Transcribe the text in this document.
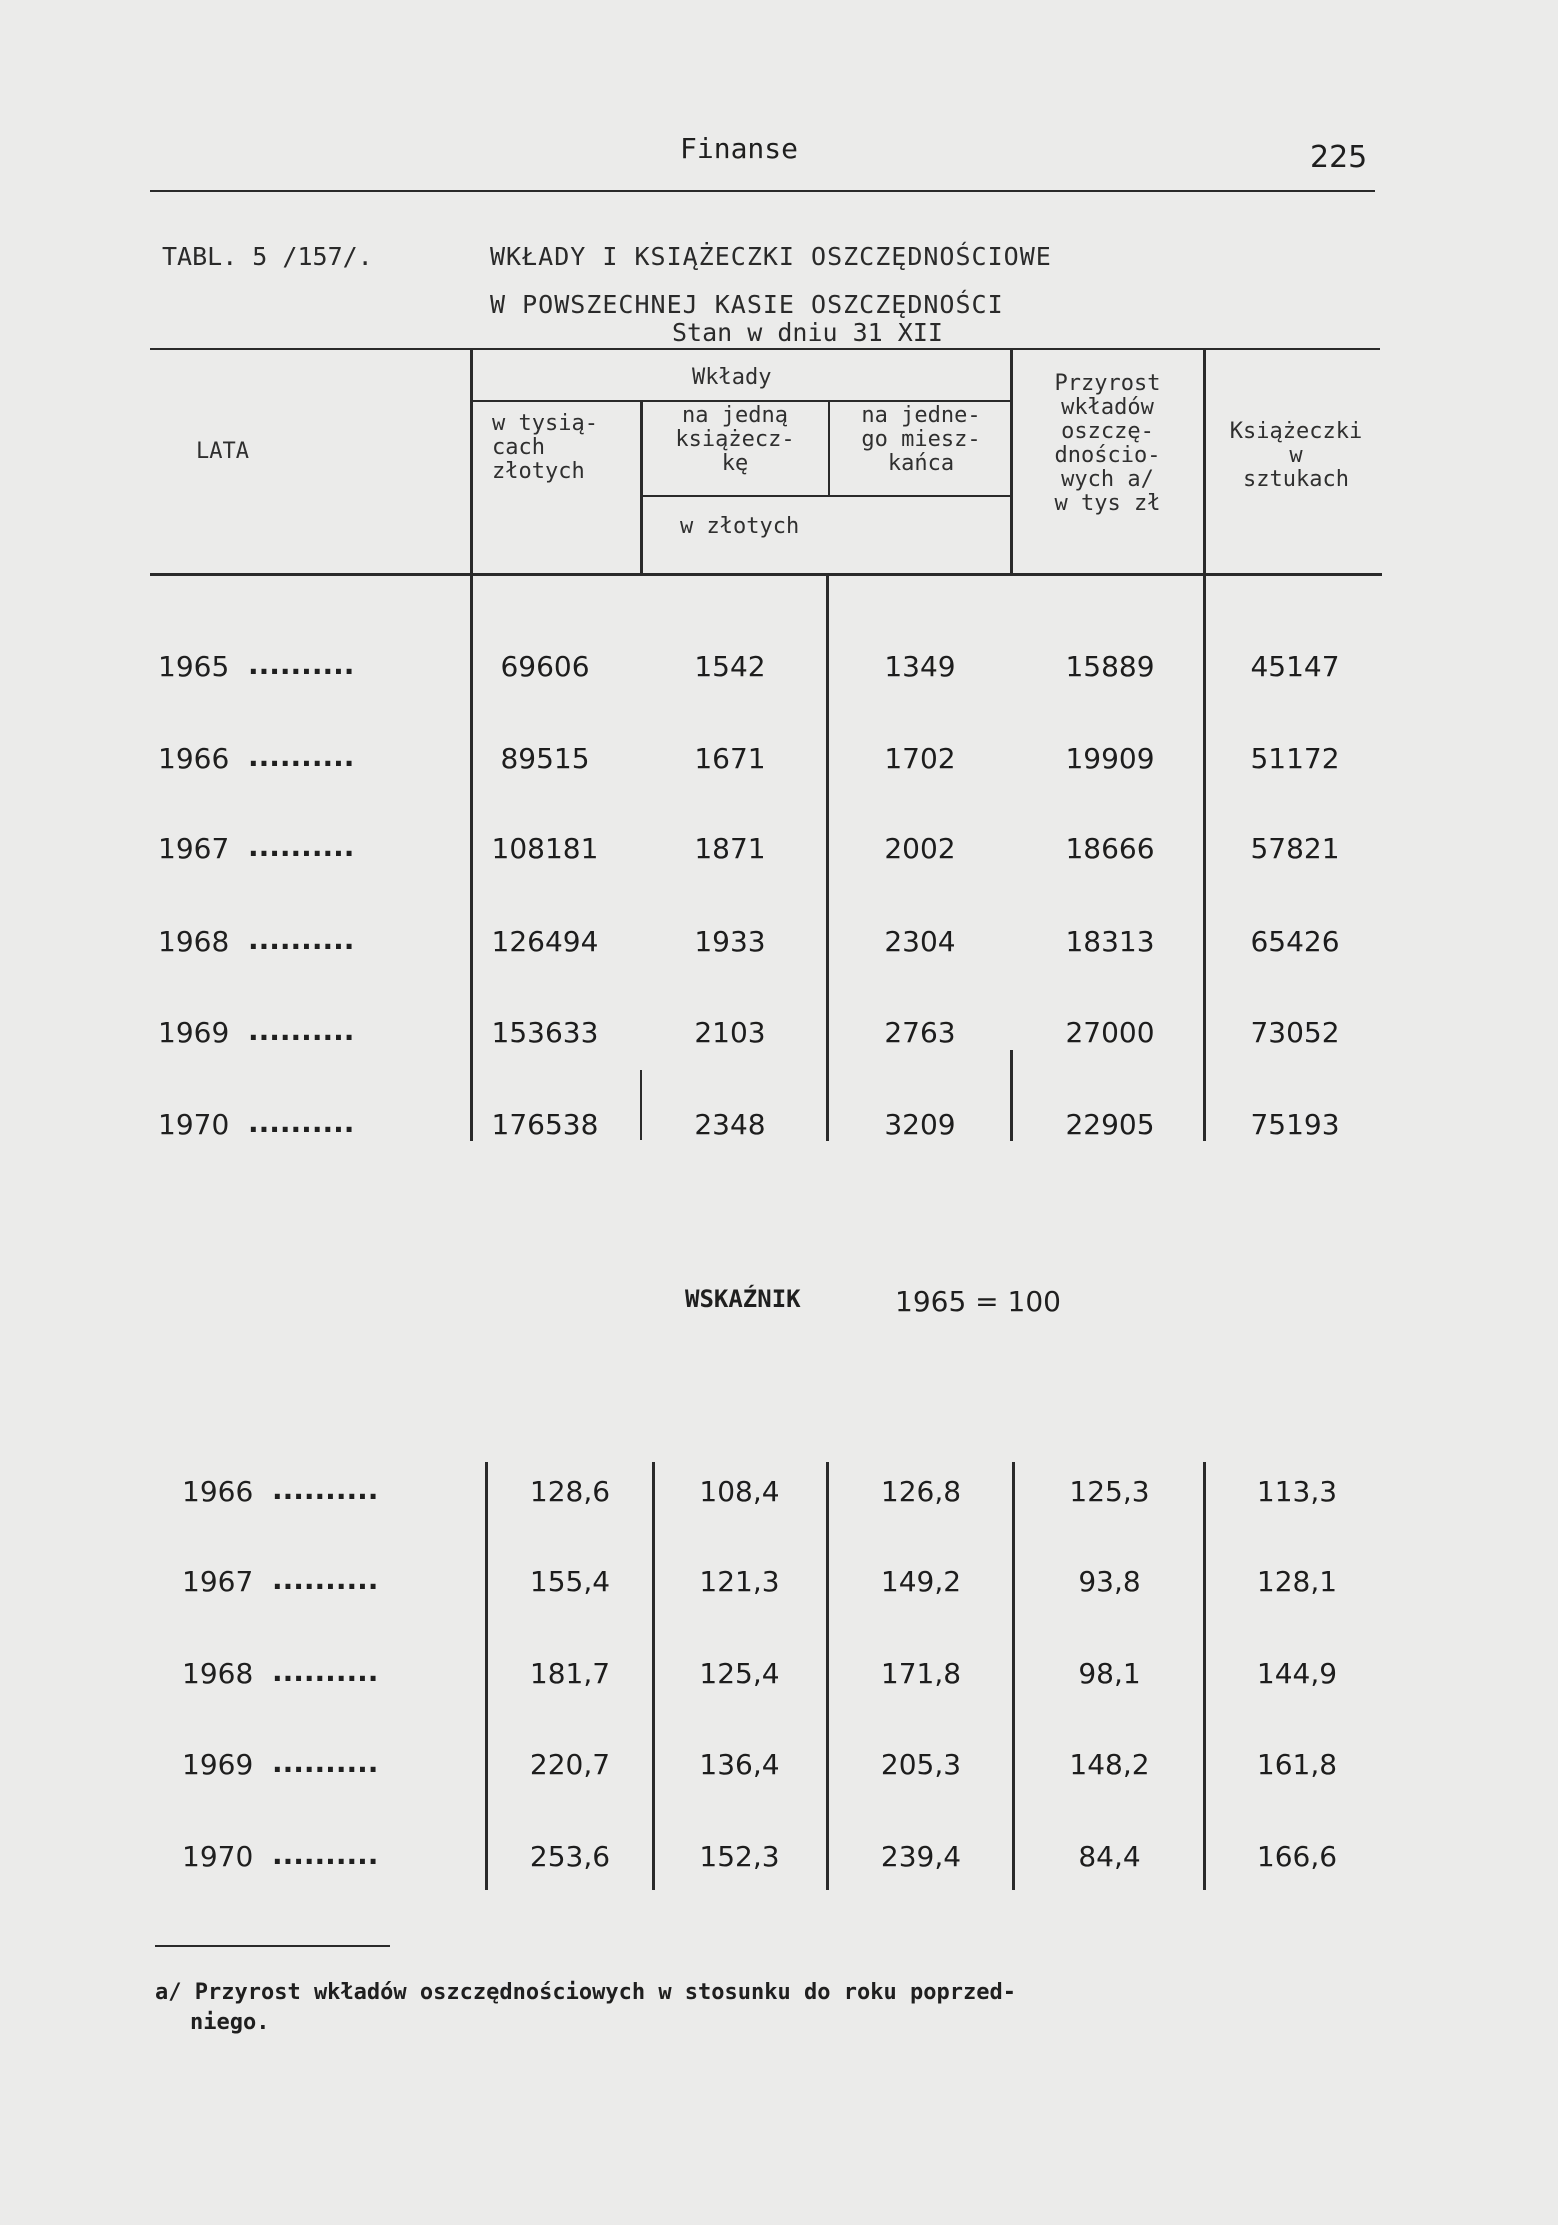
Finanse	225
TABL. 5 /157/.	WKŁADY I KSIĄŻECZKI OSZCZĘDNOŚCIOWE
W POWSZECHNEJ KASIE OSZCZĘDNOŚCI
Stan w dniu 31 XII
LATA
Wkłady
w tysią-
cach
złotych
na jedną
książecz-
kę
na jedne-
go miesz-
kańca
w złotych
Przyrost
wkładów
oszczę-
dnościo-
wych a/
w tys zł
Książeczki
w
sztukach
1965 ..........	69606	1542	1349	15889	45147
1966 ..........	89515	1671	1702	19909	51172
1967 ..........	108181	1871	2002	18666	57821
1968 ..........	126494	1933	2304	18313	65426
1969 ..........	153633	2103	2763	27000	73052
1970 ..........	176538	2348	3209	22905	75193
WSKAŹNIK	1965 = 100
1966 ..........	128,6	108,4	126,8	125,3	113,3
1967 ..........	155,4	121,3	149,2	93,8	128,1
1968 ..........	181,7	125,4	171,8	98,1	144,9
1969 ..........	220,7	136,4	205,3	148,2	161,8
1970 ..........	253,6	152,3	239,4	84,4	166,6
a/ Przyrost wkładów oszczędnościowych w stosunku do roku poprzed-
niego.
